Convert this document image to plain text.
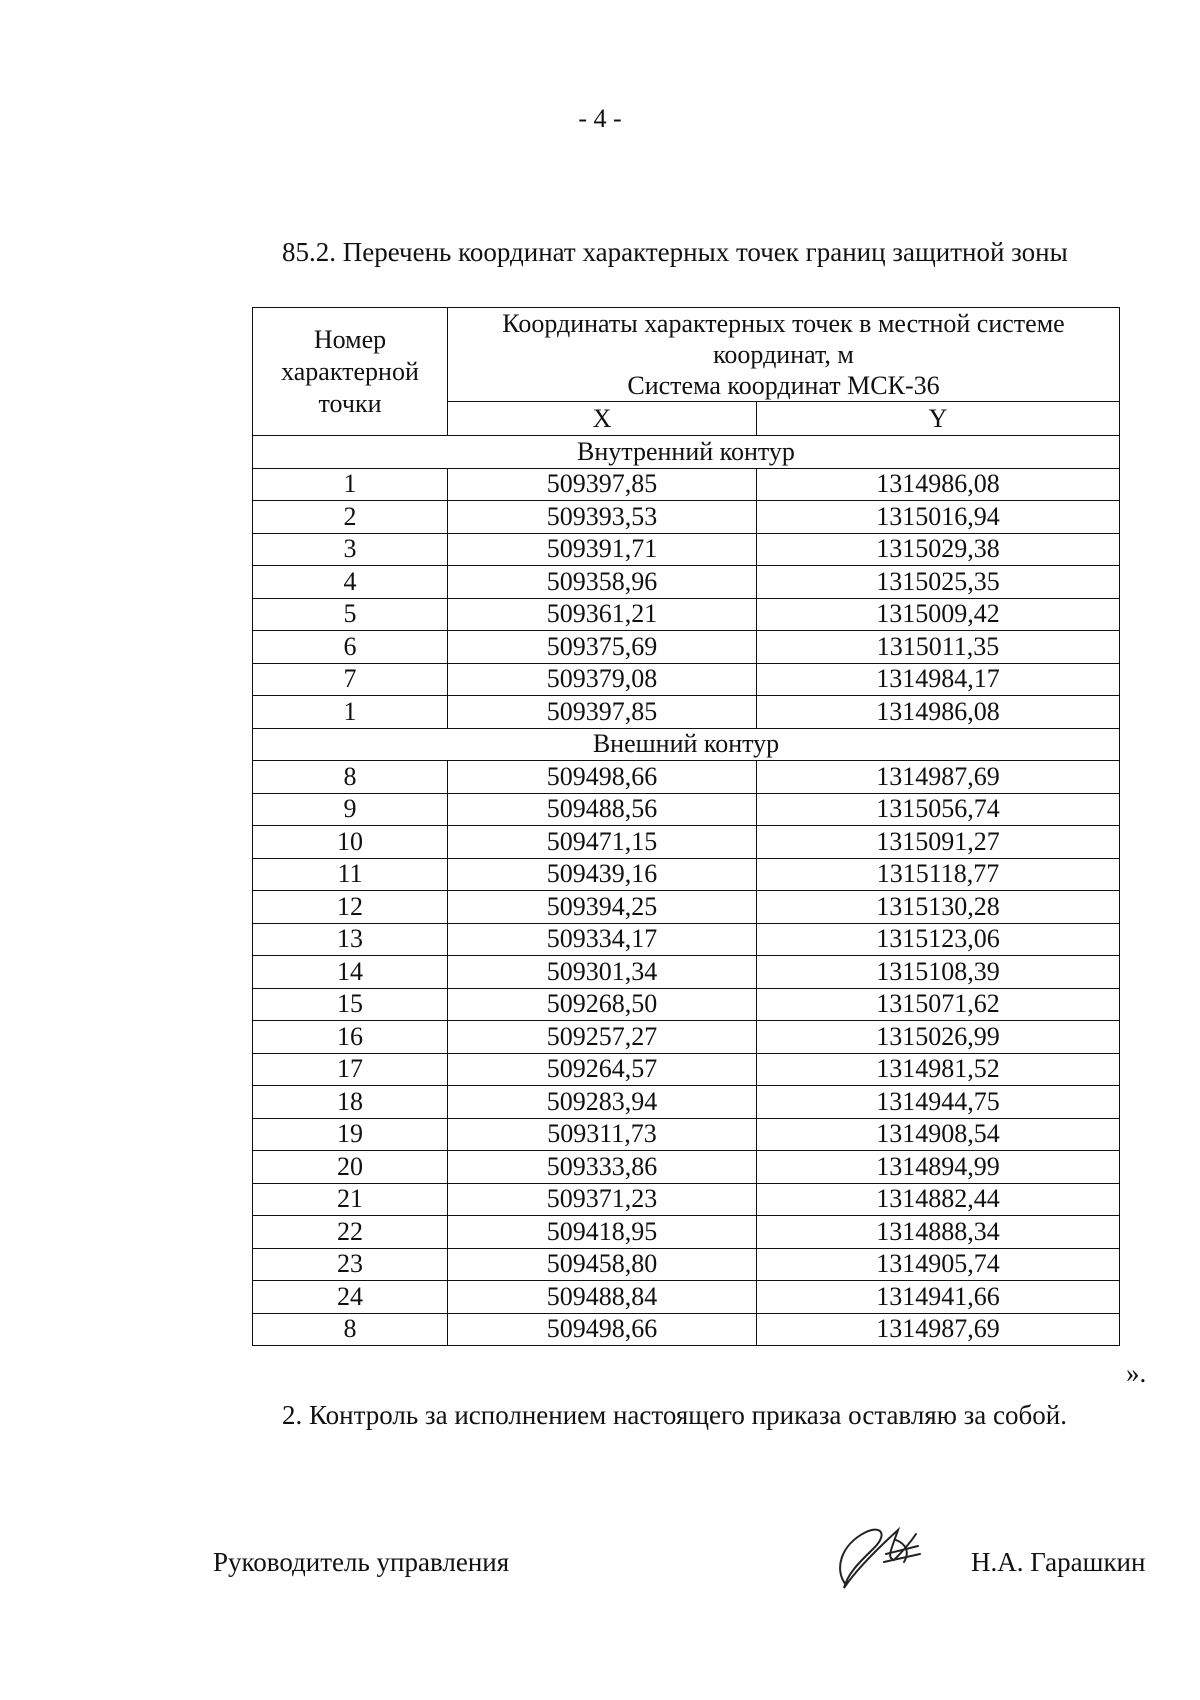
- 4 -
85.2. Перечень координат характерных точек границ защитной зоны
Номер характерной точки	Координаты характерных точек в местной системе
координат, м
Система координат МСК-36	

	X	Y
Внутренний контур		
1	509397,85	1314986,08
2	509393,53	1315016,94
3	509391,71	1315029,38
4	509358,96	1315025,35
5	509361,21	1315009,42
6	509375,69	1315011,35
7	509379,08	1314984,17
1	509397,85	1314986,08
Внешний контур		
8	509498,66	1314987,69
9	509488,56	1315056,74
10	509471,15	1315091,27
11	509439,16	1315118,77
12	509394,25	1315130,28
13	509334,17	1315123,06
14	509301,34	1315108,39
15	509268,50	1315071,62
16	509257,27	1315026,99
17	509264,57	1314981,52
18	509283,94	1314944,75
19	509311,73	1314908,54
20	509333,86	1314894,99
21	509371,23	1314882,44
22	509418,95	1314888,34
23	509458,80	1314905,74
24	509488,84	1314941,66
8	509498,66	1314987,69
».
2. Контроль за исполнением настоящего приказа оставляю за собой.
Руководитель управления	Н.А. Гарашкин
